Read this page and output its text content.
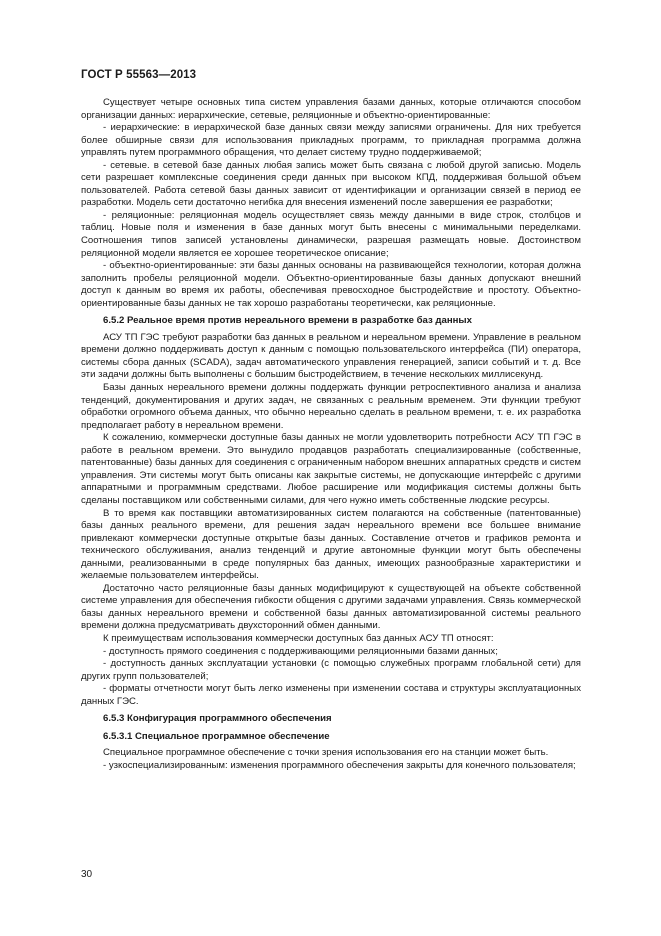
ГОСТ Р 55563—2013

Существует четыре основных типа систем управления базами данных, которые отличаются способом организации данных: иерархические, сетевые, реляционные и объектно-ориентированные:

- иерархические: в иерархической базе данных связи между записями ограничены. Для них требуется более обширные связи для использования прикладных программ, то прикладная программа должна управлять путем программного обращения, что делает систему трудно поддерживаемой;

- сетевые. в сетевой базе данных любая запись может быть связана с любой другой записью. Модель сети разрешает комплексные соединения среди данных при высоком КПД, поддерживая большой объем пользователей. Работа сетевой базы данных зависит от идентификации и организации связей в период ее разработки. Модель сети достаточно негибка для внесения изменений после завершения ее разработки;

- реляционные: реляционная модель осуществляет связь между данными в виде строк, столбцов и таблиц. Новые поля и изменения в базе данных могут быть внесены с минимальными переделками. Соотношения типов записей установлены динамически, разрешая размещать новые. Достоинством реляционной модели является ее хорошее теоретическое описание;

- объектно-ориентированные: эти базы данных основаны на развивающейся технологии, которая должна заполнить пробелы реляционной модели. Объектно-ориентированные базы данных допускают внешний доступ к данным во время их работы, обеспечивая превосходное быстродействие и простоту. Объектно-ориентированные базы данных не так хорошо разработаны теоретически, как реляционные.

6.5.2 Реальное время против нереального времени в разработке баз данных

АСУ ТП ГЭС требуют разработки баз данных в реальном и нереальном времени. Управление в реальном времени должно поддерживать доступ к данным с помощью пользовательского интерфейса (ПИ) оператора, системы сбора данных (SCADA), задач автоматического управления генерацией, записи событий и т. д. Все эти задачи должны быть выполнены с большим быстродействием, в течение нескольких миллисекунд.

Базы данных нереального времени должны поддержать функции ретроспективного анализа и анализа тенденций, документирования и других задач, не связанных с реальным временем. Эти функции требуют обработки огромного объема данных, что обычно нереально сделать в реальном времени, т. е. их разработка предполагает работу в нереальном времени.

К сожалению, коммерчески доступные базы данных не могли удовлетворить потребности АСУ ТП ГЭС в работе в реальном времени. Это вынудило продавцов разработать специализированные (собственные, патентованные) базы данных для соединения с ограниченным набором внешних аппаратных средств и систем управления. Эти системы могут быть описаны как закрытые системы, не допускающие интерфейс с другими аппаратными и программным средствами. Любое расширение или модификация системы должны быть сделаны поставщиком или собственными силами, для чего нужно иметь собственные людские ресурсы.

В то время как поставщики автоматизированных систем полагаются на собственные (патентованные) базы данных реального времени, для решения задач нереального времени все большее внимание привлекают коммерчески доступные открытые базы данных. Составление отчетов и графиков ремонта и технического обслуживания, анализ тенденций и другие автономные функции могут быть обеспечены данными, реализованными в среде популярных баз данных, имеющих разнообразные характеристики и желаемые пользователем интерфейсы.

Достаточно часто реляционные базы данных модифицируют к существующей на объекте собственной системе управления для обеспечения гибкости общения с другими задачами управления. Связь коммерческой базы данных нереального времени и собственной базы данных автоматизированной системы реального времени должна предусматривать двухсторонний обмен данными.

К преимуществам использования коммерчески доступных баз данных АСУ ТП относят:

- доступность прямого соединения с поддерживающими реляционными базами данных;

- доступность данных эксплуатации установки (с помощью служебных программ глобальной сети) для других групп пользователей;

- форматы отчетности могут быть легко изменены при изменении состава и структуры эксплуатационных данных ГЭС.

6.5.3 Конфигурация программного обеспечения

6.5.3.1 Специальное программное обеспечение

Специальное программное обеспечение с точки зрения использования его на станции может быть.

- узкоспециализированным: изменения программного обеспечения закрыты для конечного пользователя;

30
